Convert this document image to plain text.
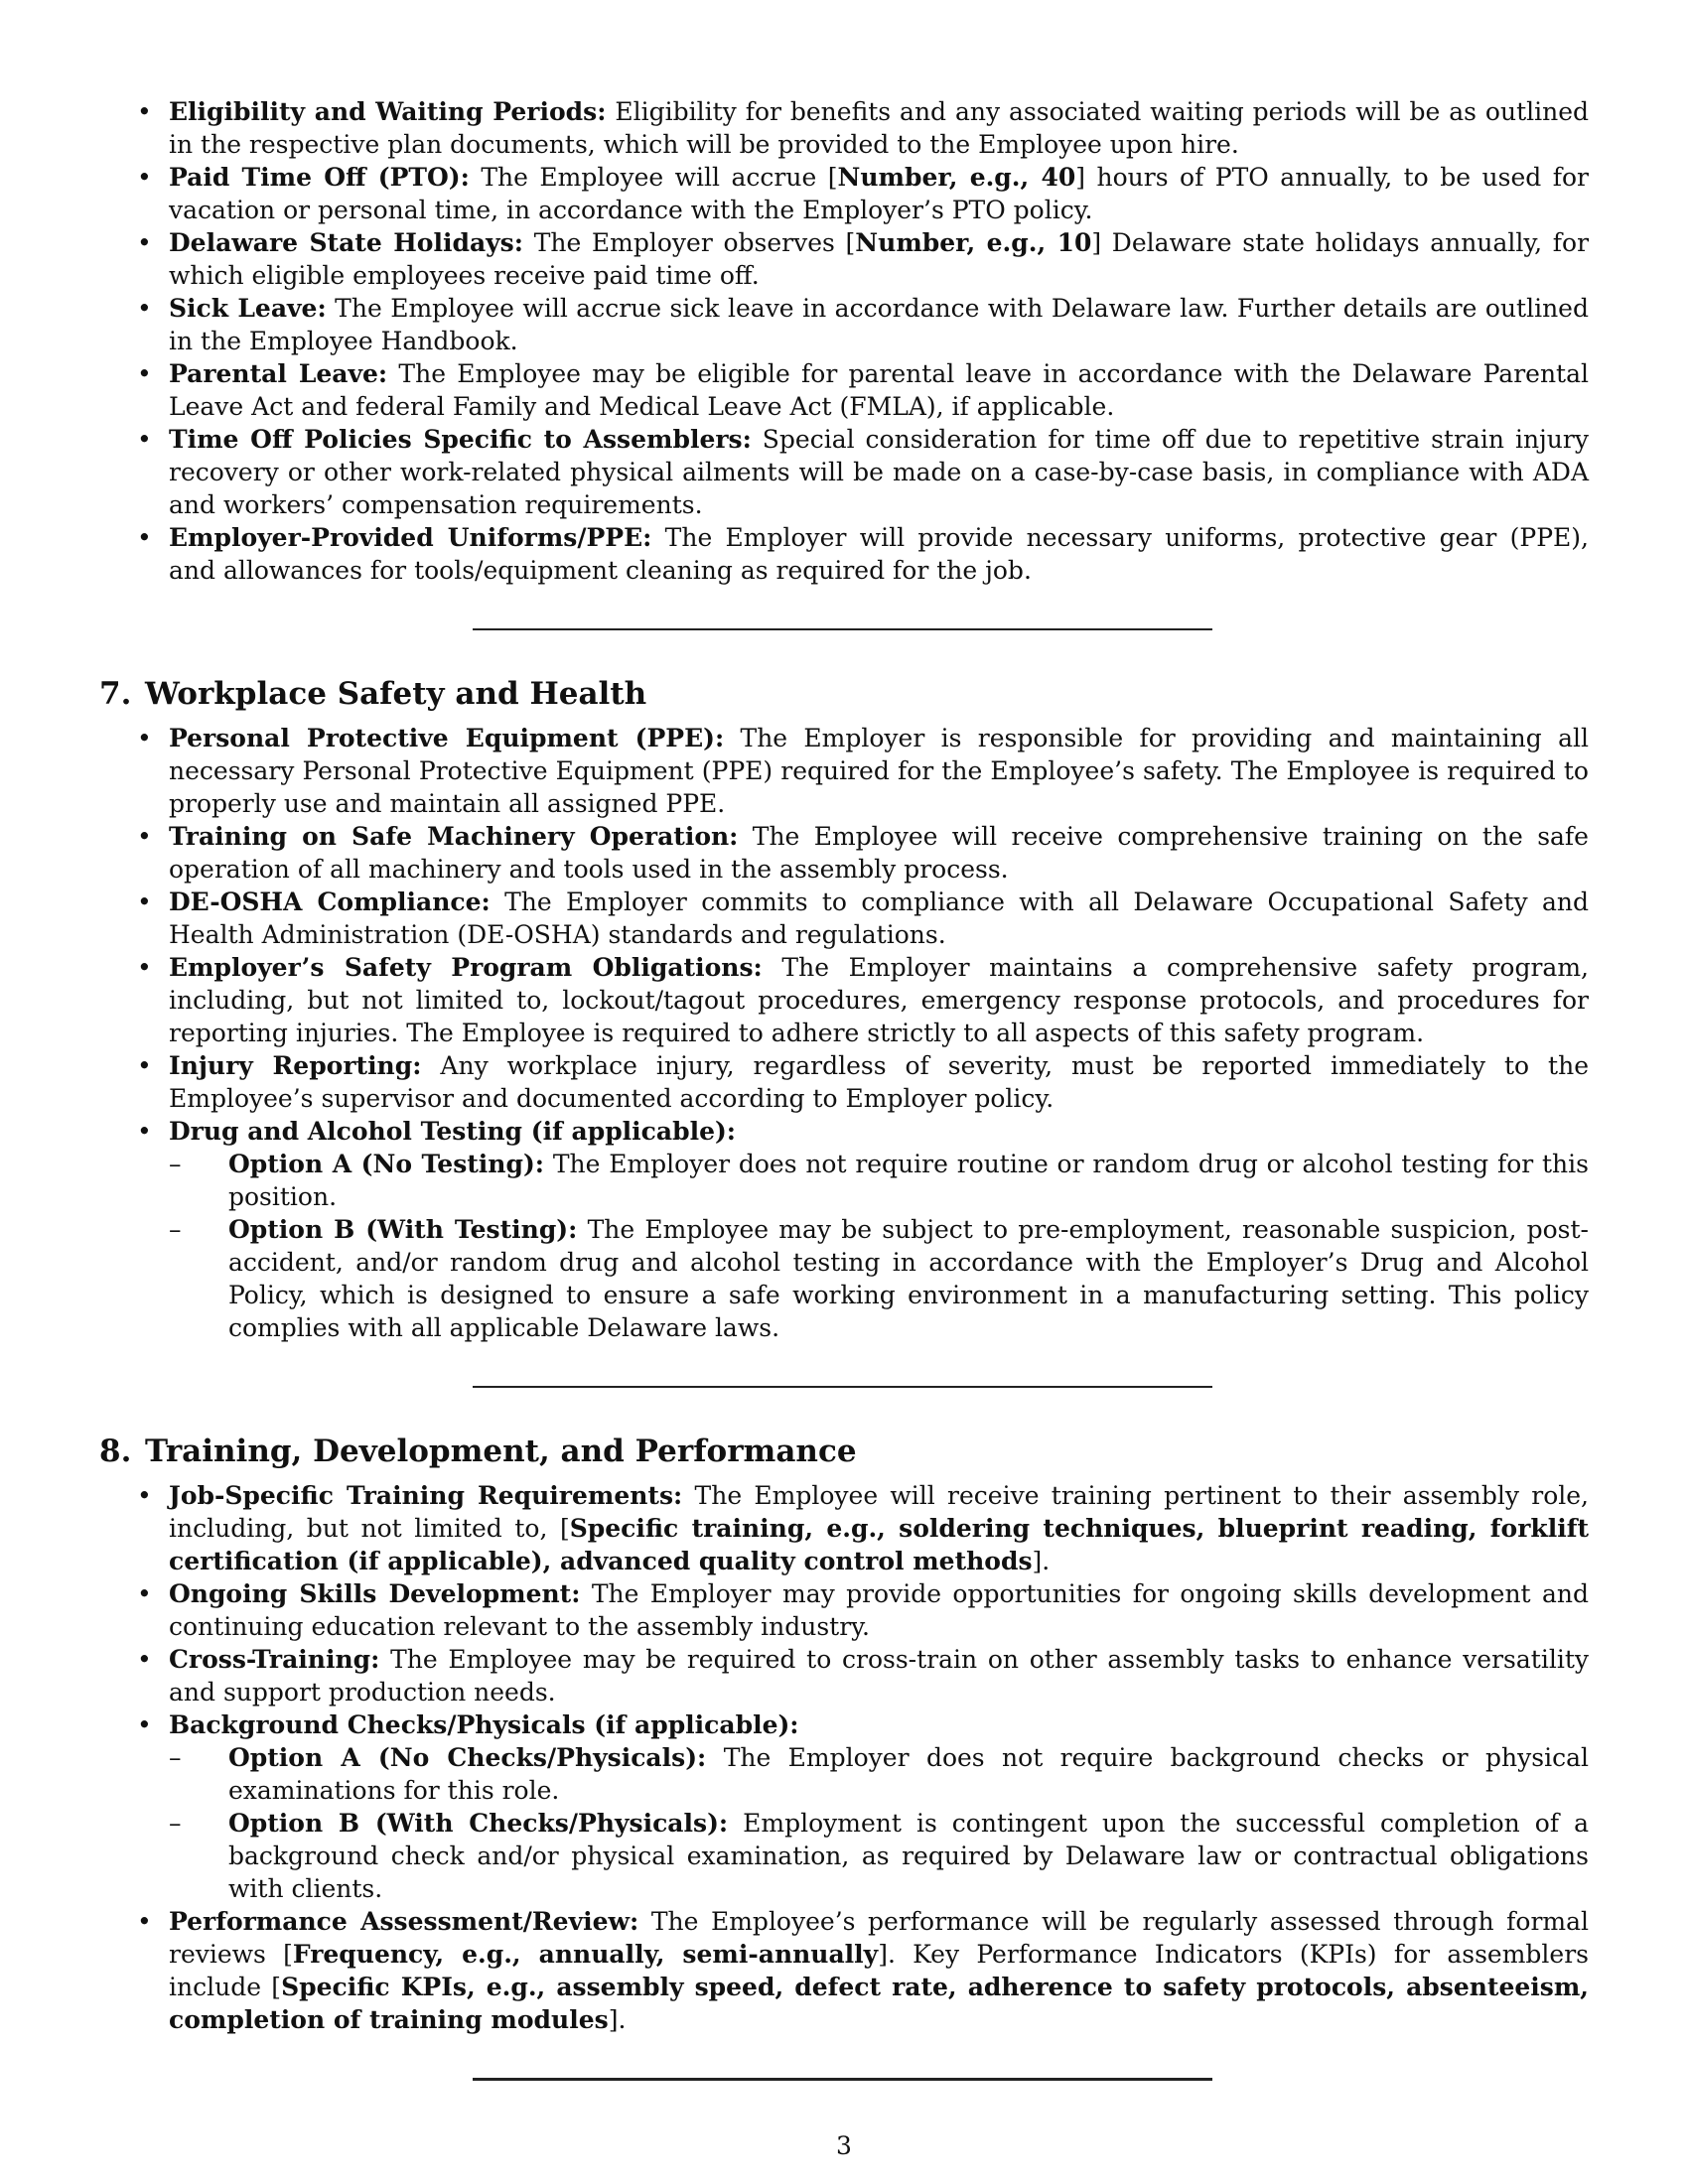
• Eligibility and Waiting Periods: Eligibility for benefits and any associated waiting periods will be as outlined in the respective plan documents, which will be provided to the Employee upon hire.
• Paid Time Off (PTO): The Employee will accrue [Number, e.g., 40] hours of PTO annually, to be used for vacation or personal time, in accordance with the Employer’s PTO policy.
• Delaware State Holidays: The Employer observes [Number, e.g., 10] Delaware state holidays annually, for which eligible employees receive paid time off.
• Sick Leave: The Employee will accrue sick leave in accordance with Delaware law. Further details are outlined in the Employee Handbook.
• Parental Leave: The Employee may be eligible for parental leave in accordance with the Delaware Parental Leave Act and federal Family and Medical Leave Act (FMLA), if applicable.
• Time Off Policies Specific to Assemblers: Special consideration for time off due to repetitive strain injury recovery or other work-related physical ailments will be made on a case-by-case basis, in compliance with ADA and workers’ compensation requirements.
• Employer-Provided Uniforms/PPE: The Employer will provide necessary uniforms, protective gear (PPE), and allowances for tools/equipment cleaning as required for the job.
7. Workplace Safety and Health
• Personal Protective Equipment (PPE): The Employer is responsible for providing and maintaining all necessary Personal Protective Equipment (PPE) required for the Employee’s safety. The Employee is required to properly use and maintain all assigned PPE.
• Training on Safe Machinery Operation: The Employee will receive comprehensive training on the safe operation of all machinery and tools used in the assembly process.
• DE-OSHA Compliance: The Employer commits to compliance with all Delaware Occupational Safety and Health Administration (DE-OSHA) standards and regulations.
• Employer’s Safety Program Obligations: The Employer maintains a comprehensive safety program, including, but not limited to, lockout/tagout procedures, emergency response protocols, and procedures for reporting injuries. The Employee is required to adhere strictly to all aspects of this safety program.
• Injury Reporting: Any workplace injury, regardless of severity, must be reported immediately to the Employee’s supervisor and documented according to Employer policy.
• Drug and Alcohol Testing (if applicable):
– Option A (No Testing): The Employer does not require routine or random drug or alcohol testing for this position.
– Option B (With Testing): The Employee may be subject to pre-employment, reasonable suspicion, post-accident, and/or random drug and alcohol testing in accordance with the Employer’s Drug and Alcohol Policy, which is designed to ensure a safe working environment in a manufacturing setting. This policy complies with all applicable Delaware laws.
8. Training, Development, and Performance
• Job-Specific Training Requirements: The Employee will receive training pertinent to their assembly role, including, but not limited to, [Specific training, e.g., soldering techniques, blueprint reading, forklift certification (if applicable), advanced quality control methods].
• Ongoing Skills Development: The Employer may provide opportunities for ongoing skills development and continuing education relevant to the assembly industry.
• Cross-Training: The Employee may be required to cross-train on other assembly tasks to enhance versatility and support production needs.
• Background Checks/Physicals (if applicable):
– Option A (No Checks/Physicals): The Employer does not require background checks or physical examinations for this role.
– Option B (With Checks/Physicals): Employment is contingent upon the successful completion of a background check and/or physical examination, as required by Delaware law or contractual obligations with clients.
• Performance Assessment/Review: The Employee’s performance will be regularly assessed through formal reviews [Frequency, e.g., annually, semi-annually]. Key Performance Indicators (KPIs) for assemblers include [Specific KPIs, e.g., assembly speed, defect rate, adherence to safety protocols, absenteeism, completion of training modules].
3
